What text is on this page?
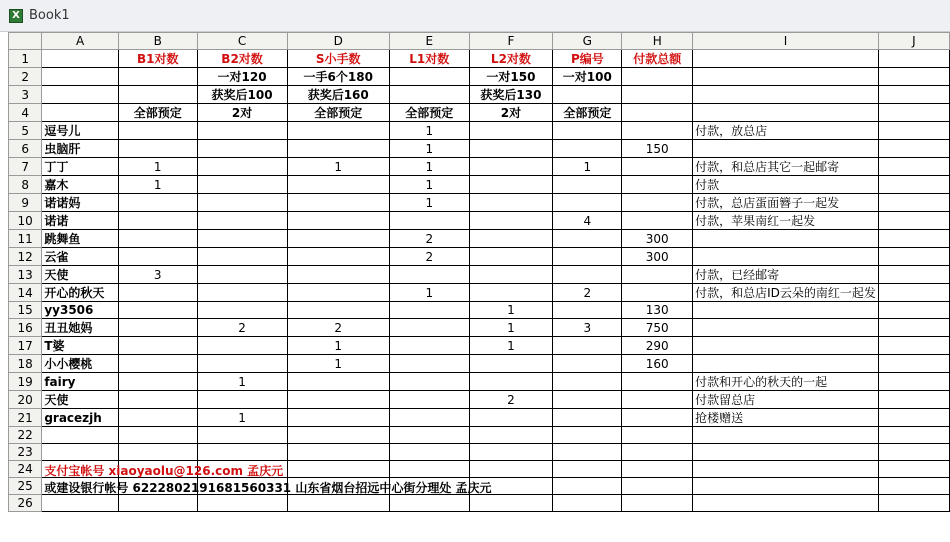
X Book1
	A	B	C	D	E	F	G	H	I	J
1		B1对数	B2对数	S小手数	L1对数	L2对数	P编号	付款总额		
2			一对120	一手6个180		一对150	一对100			
3			获奖后100	获奖后160		获奖后130				
4		全部预定	2对	全部预定	全部预定	2对	全部预定			
5	逗号儿				1				付款，放总店	
6	虫脑肝				1			150		
7	丁丁	1		1	1		1		付款，和总店其它一起邮寄	
8	嘉木	1			1				付款	
9	诺诺妈				1				付款，总店蛋面簪子一起发	
10	诺诺						4		付款，苹果南红一起发	
11	跳舞鱼				2			300		
12	云雀				2			300		
13	天使	3							付款，已经邮寄	
14	开心的秋天				1		2		付款，和总店ID云朵的南红一起发	
15	yy3506					1		130		
16	丑丑她妈		2	2		1	3	750		
17	T婆			1		1		290		
18	小小樱桃			1				160		
19	fairy		1						付款和开心的秋天的一起	
20	天使					2			付款留总店	
21	gracezjh		1						抢楼赠送	
22										
23										
24	支付宝帐号 xiaoyaolu@126.com 孟庆元									

25	或建设银行帐号 6222802191681560331 山东省烟台招远中心街分理处 孟庆元									

26										
